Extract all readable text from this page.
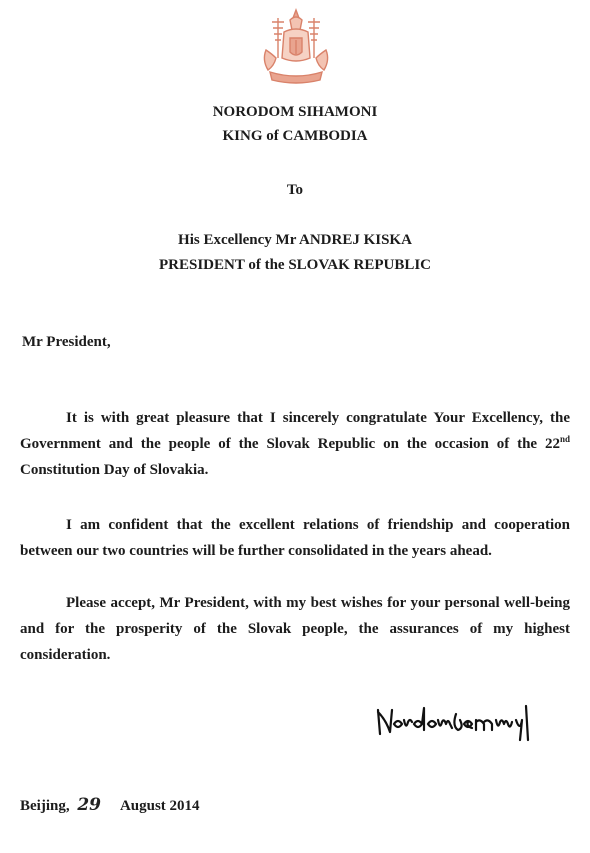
NORODOM SIHAMONI
KING of CAMBODIA
To
His Excellency Mr ANDREJ KISKA
PRESIDENT of the SLOVAK REPUBLIC
Mr President,

It is with great pleasure that I sincerely congratulate Your Excellency, the Government and the people of the Slovak Republic on the occasion of the 22nd Constitution Day of Slovakia.

I am confident that the excellent relations of friendship and cooperation between our two countries will be further consolidated in the years ahead.

Please accept, Mr President, with my best wishes for your personal well-being and for the prosperity of the Slovak people, the assurances of my highest consideration.

Beijing, 29 August 2014
